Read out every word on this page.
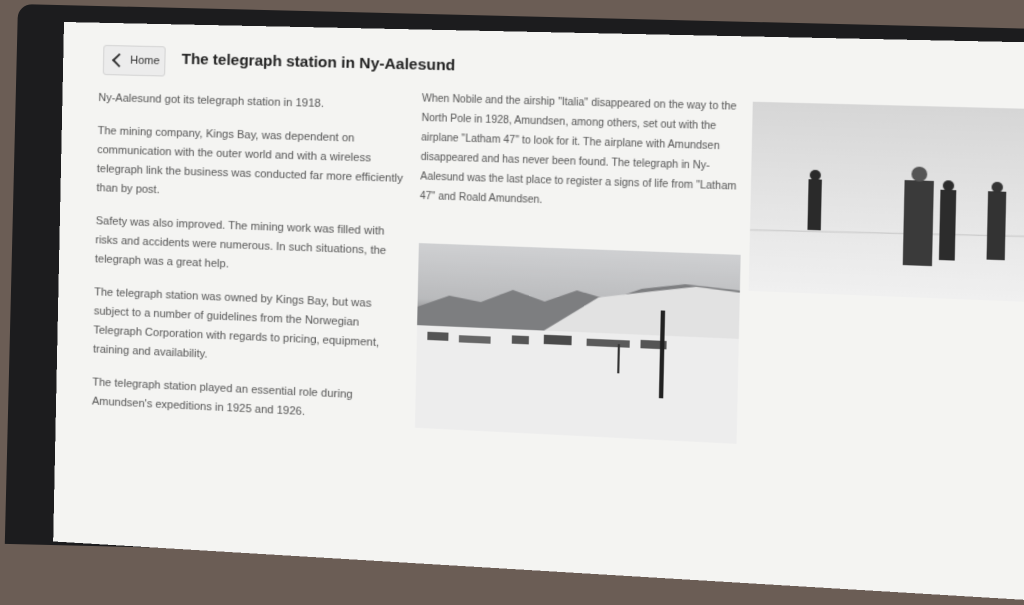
Home The telegraph station in Ny-Aalesund

Ny-Aalesund got its telegraph station in 1918.

The mining company, Kings Bay, was dependent on communication with the outer world and with a wireless telegraph link the business was conducted far more efficiently than by post.

Safety was also improved. The mining work was filled with risks and accidents were numerous. In such situations, the telegraph was a great help.

The telegraph station was owned by Kings Bay, but was subject to a number of guidelines from the Norwegian Telegraph Corporation with regards to pricing, equipment, training and availability.

The telegraph station played an essential role during Amundsen's expeditions in 1925 and 1926.

When Nobile and the airship "Italia" disappeared on the way to the North Pole in 1928, Amundsen, among others, set out with the airplane "Latham 47" to look for it. The airplane with Amundsen disappeared and has never been found. The telegraph in Ny-Aalesund was the last place to register a signs of life from "Latham 47" and Roald Amundsen.
